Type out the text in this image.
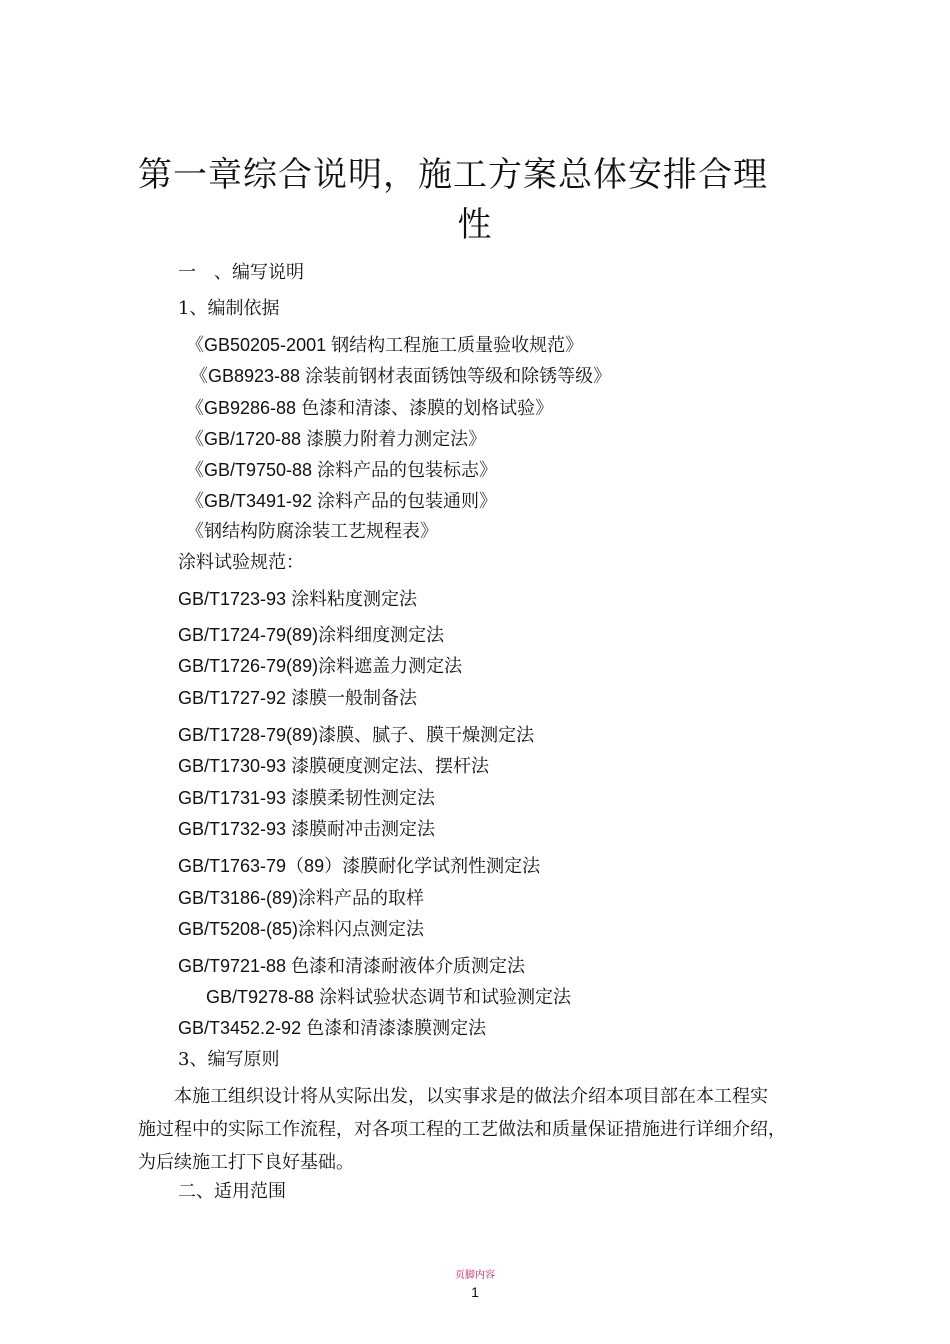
第一章综合说明，施工方案总体安排合理
性
一　、编写说明
1、编制依据
《GB50205-2001 钢结构工程施工质量验收规范》
《GB8923-88 涂装前钢材表面锈蚀等级和除锈等级》
《GB9286-88 色漆和清漆、漆膜的划格试验》
《GB/1720-88 漆膜力附着力测定法》
《GB/T9750-88 涂料产品的包装标志》
《GB/T3491-92 涂料产品的包装通则》
《钢结构防腐涂装工艺规程表》
涂料试验规范：
GB/T1723-93 涂料粘度测定法
GB/T1724-79(89)涂料细度测定法
GB/T1726-79(89)涂料遮盖力测定法
GB/T1727-92 漆膜一般制备法
GB/T1728-79(89)漆膜、腻子、膜干燥测定法
GB/T1730-93 漆膜硬度测定法、摆杆法
GB/T1731-93 漆膜柔韧性测定法
GB/T1732-93 漆膜耐冲击测定法
GB/T1763-79（89）漆膜耐化学试剂性测定法
GB/T3186-(89)涂料产品的取样
GB/T5208-(85)涂料闪点测定法
GB/T9721-88 色漆和清漆耐液体介质测定法
GB/T9278-88 涂料试验状态调节和试验测定法
GB/T3452.2-92 色漆和清漆漆膜测定法
3、编写原则
　　本施工组织设计将从实际出发，以实事求是的做法介绍本项目部在本工程实
施过程中的实际工作流程，对各项工程的工艺做法和质量保证措施进行详细介绍，
为后续施工打下良好基础。
二、适用范围
页脚内容
1
